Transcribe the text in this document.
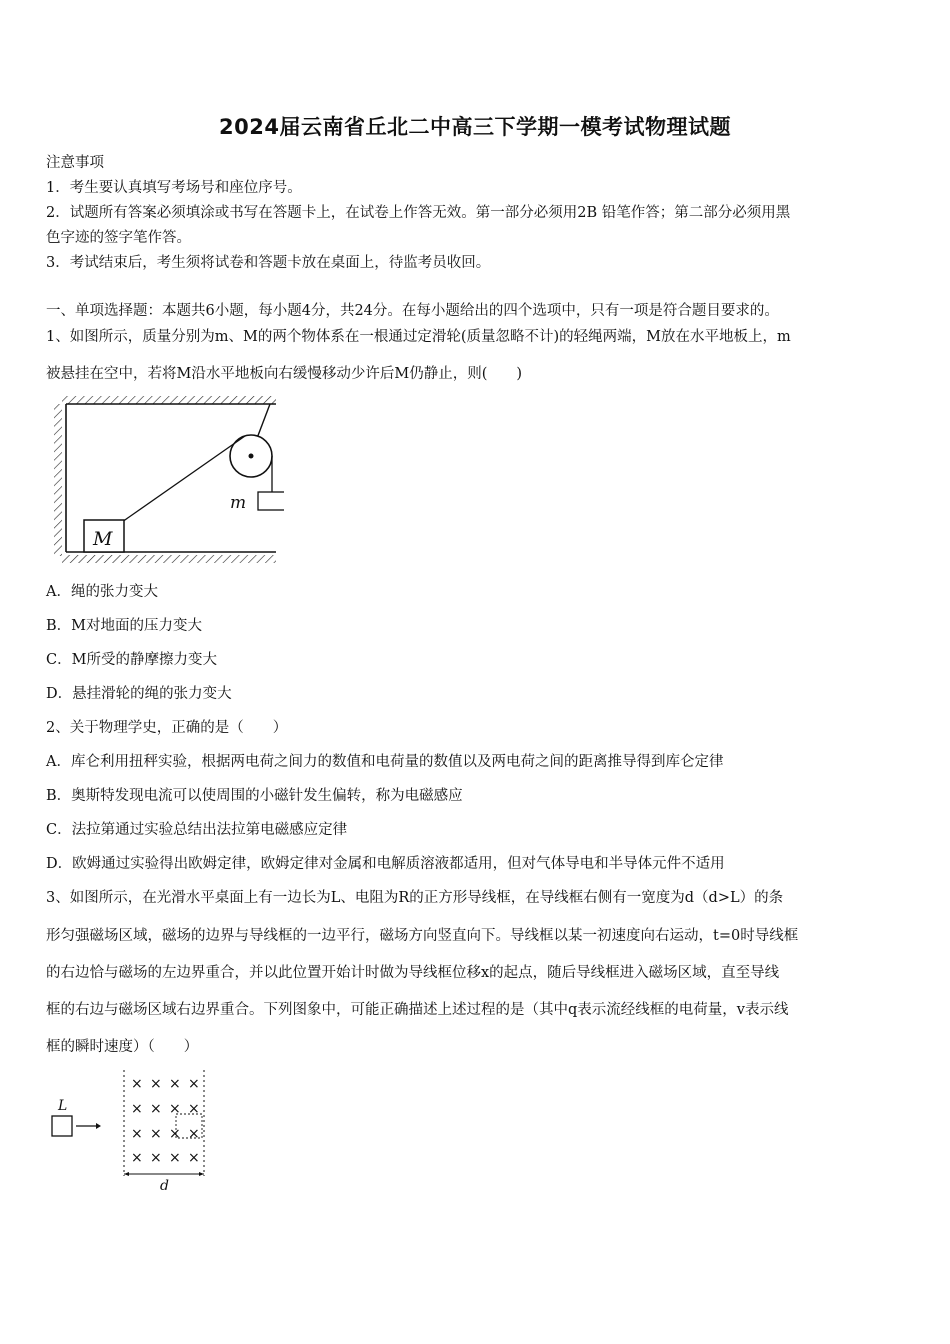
2024届云南省丘北二中高三下学期一模考试物理试题
注意事项
1．考生要认真填写考场号和座位序号。
2．试题所有答案必须填涂或书写在答题卡上，在试卷上作答无效。第一部分必须用2B 铅笔作答；第二部分必须用黑
色字迹的签字笔作答。
3．考试结束后，考生须将试卷和答题卡放在桌面上，待监考员收回。
一、单项选择题：本题共6小题，每小题4分，共24分。在每小题给出的四个选项中，只有一项是符合题目要求的。
1、如图所示，质量分别为m、M的两个物体系在一根通过定滑轮(质量忽略不计)的轻绳两端，M放在水平地板上，m
被悬挂在空中，若将M沿水平地板向右缓慢移动少许后M仍静止，则(　　)
m
M
A．绳的张力变大
B．M对地面的压力变大
C．M所受的静摩擦力变大
D．悬挂滑轮的绳的张力变大
2、关于物理学史，正确的是（　　）
A．库仑利用扭秤实验，根据两电荷之间力的数值和电荷量的数值以及两电荷之间的距离推导得到库仑定律
B．奥斯特发现电流可以使周围的小磁针发生偏转，称为电磁感应
C．法拉第通过实验总结出法拉第电磁感应定律
D．欧姆通过实验得出欧姆定律，欧姆定律对金属和电解质溶液都适用，但对气体导电和半导体元件不适用
3、如图所示，在光滑水平桌面上有一边长为L、电阻为R的正方形导线框，在导线框右侧有一宽度为d（d>L）的条
形匀强磁场区域，磁场的边界与导线框的一边平行，磁场方向竖直向下。导线框以某一初速度向右运动，t=0时导线框
的右边恰与磁场的左边界重合，并以此位置开始计时做为导线框位移x的起点，随后导线框进入磁场区域，直至导线
框的右边与磁场区域右边界重合。下列图象中，可能正确描述上述过程的是（其中q表示流经线框的电荷量，v表示线
框的瞬时速度）（　　）
L
× × × ×
× × × ×
× × × ×
× × × ×
d
